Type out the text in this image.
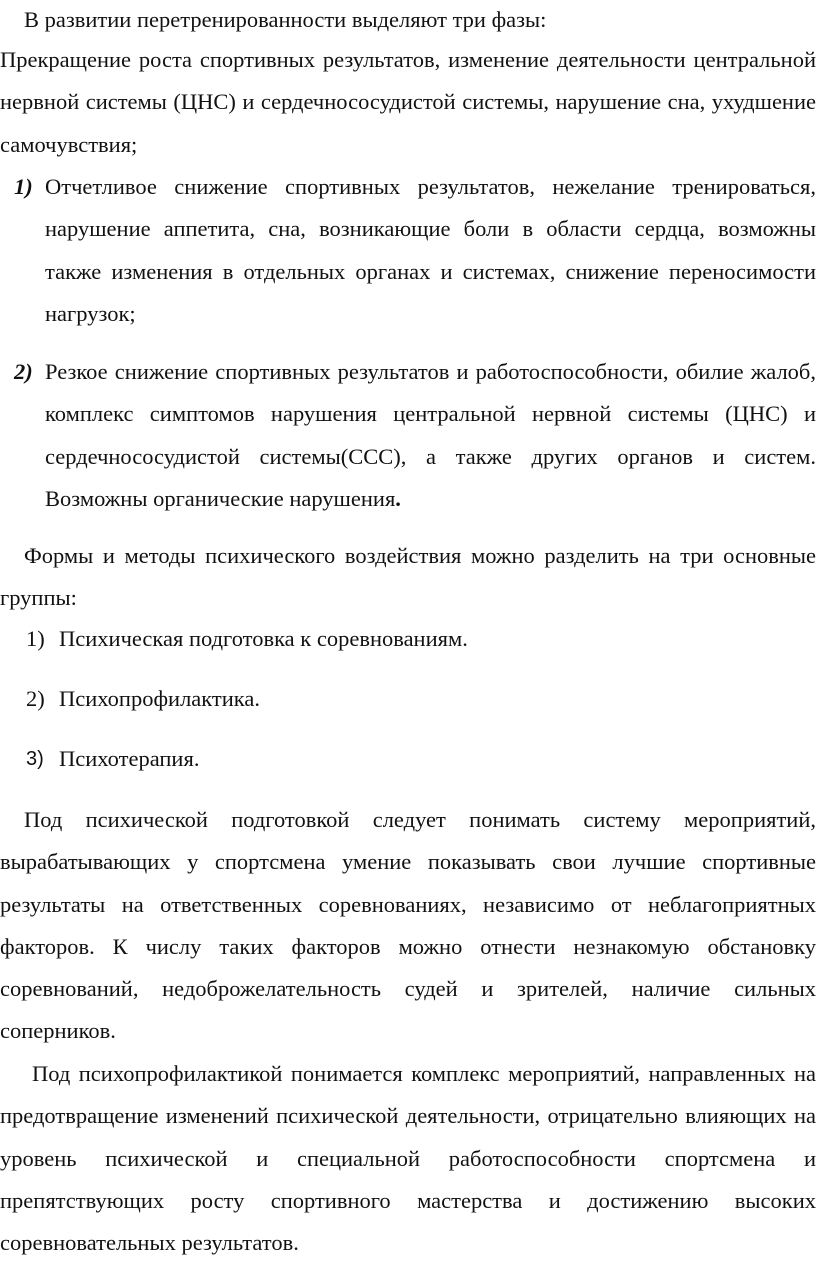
В развитии перетренированности выделяют три фазы:

Прекращение роста спортивных результатов, изменение деятельности центральной нервной системы (ЦНС) и сердечнососудистой системы, нарушение сна, ухудшение самочувствия;

1) Отчетливое снижение спортивных результатов, нежелание тренироваться, нарушение аппетита, сна, возникающие боли в области сердца, возможны также изменения в отдельных органах и системах, снижение переносимости нагрузок;

2) Резкое снижение спортивных результатов и работоспособности, обилие жалоб, комплекс симптомов нарушения центральной нервной системы (ЦНС) и сердечнососудистой системы(ССС), а также других органов и систем. Возможны органические нарушения.

Формы и методы психического воздействия можно разделить на три основные группы:

1) Психическая подготовка к соревнованиям.

2) Психопрофилактика.

3) Психотерапия.

Под психической подготовкой следует понимать систему мероприятий, вырабатывающих у спортсмена умение показывать свои лучшие спортивные результаты на ответственных соревнованиях, независимо от неблагоприятных факторов. К числу таких факторов можно отнести незнакомую обстановку соревнований, недоброжелательность судей и зрителей, наличие сильных соперников.

Под психопрофилактикой понимается комплекс мероприятий, направленных на предотвращение изменений психической деятельности, отрицательно влияющих на уровень психической и специальной работоспособности спортсмена и препятствующих росту спортивного мастерства и достижению высоких соревновательных результатов.
